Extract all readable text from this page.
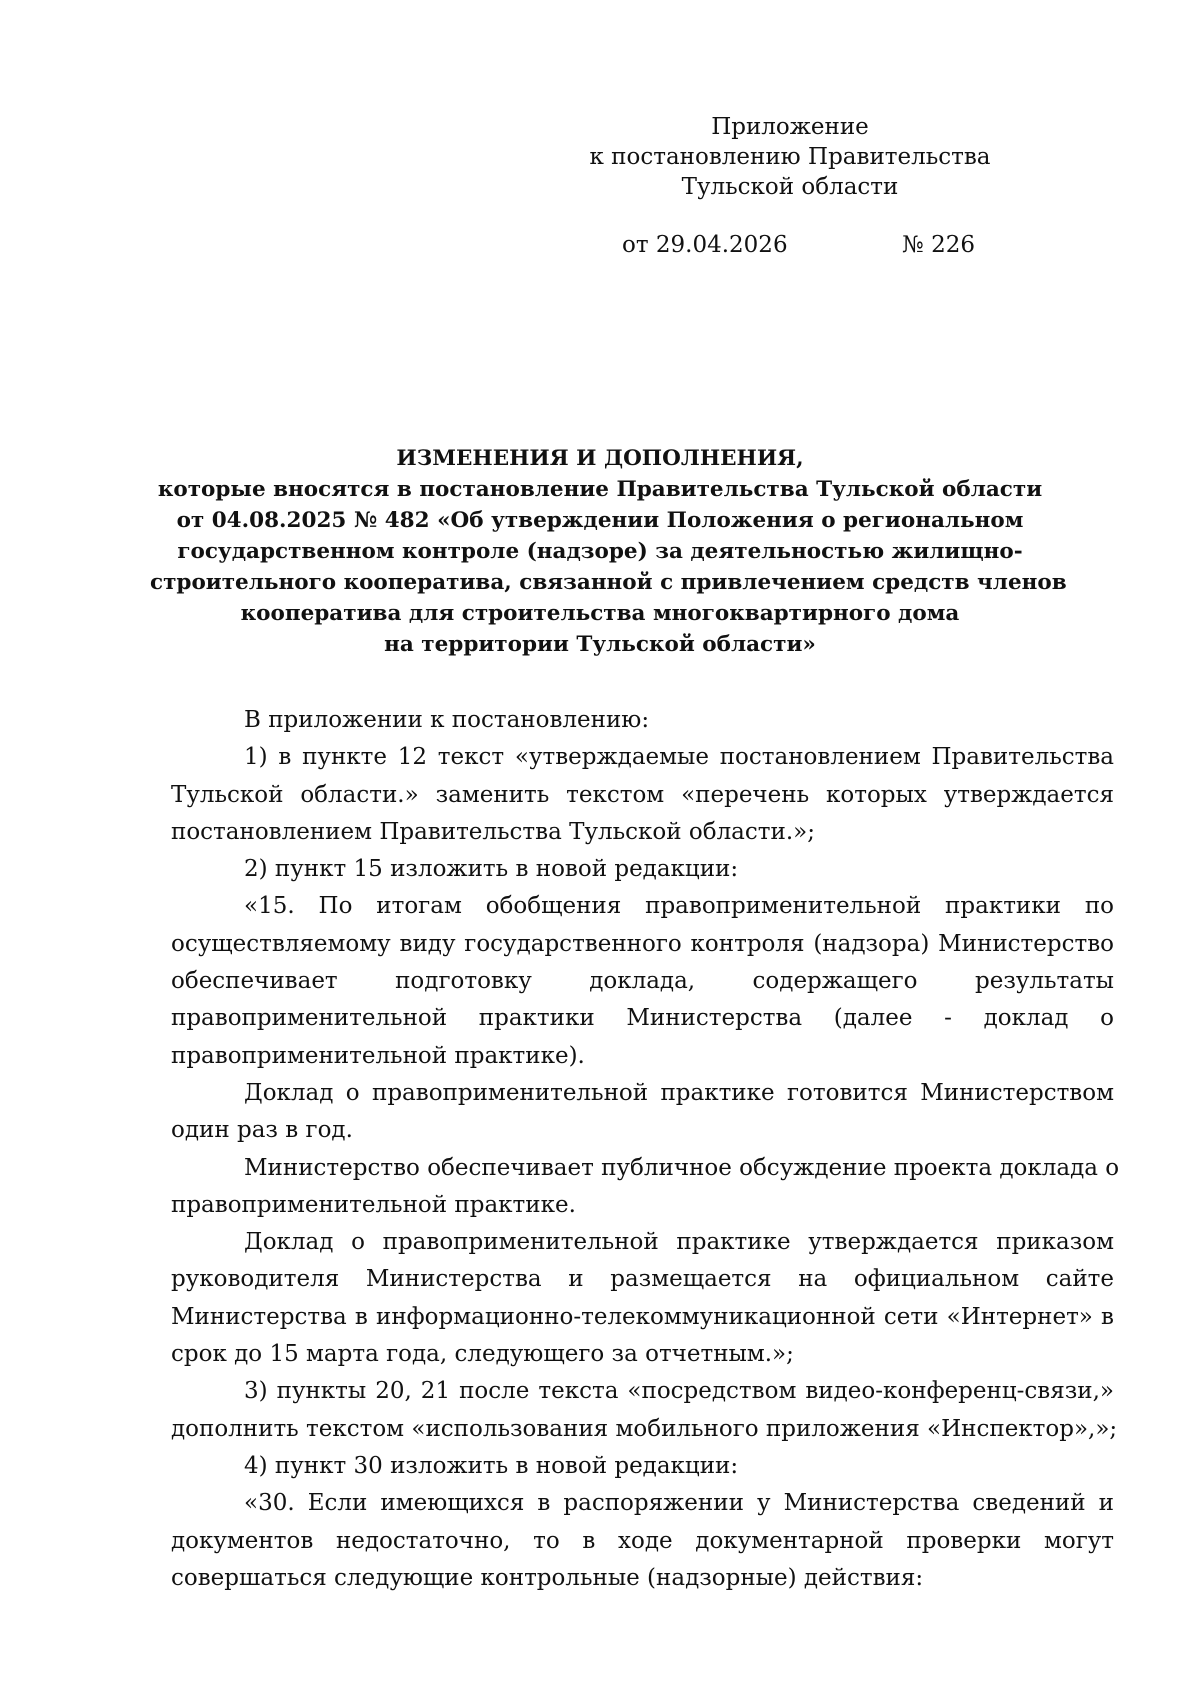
Приложение
к постановлению Правительства
Тульской области
от 29.04.2026	№ 226
ИЗМЕНЕНИЯ И ДОПОЛНЕНИЯ,
которые вносятся в постановление Правительства Тульской области
от 04.08.2025 № 482 «Об утверждении Положения о региональном
государственном контроле (надзоре) за деятельностью жилищно-
строительного кооператива, связанной с привлечением средств членов
кооператива для строительства многоквартирного дома
на территории Тульской области»
В приложении к постановлению:
1) в пункте 12 текст «утверждаемые постановлением Правительства
Тульской области.» заменить текстом «перечень которых утверждается
постановлением Правительства Тульской области.»;
2) пункт 15 изложить в новой редакции:
«15. По итогам обобщения правоприменительной практики по
осуществляемому виду государственного контроля (надзора) Министерство
обеспечивает подготовку доклада, содержащего результаты
правоприменительной практики Министерства (далее - доклад о
правоприменительной практике).
Доклад о правоприменительной практике готовится Министерством
один раз в год.
Министерство обеспечивает публичное обсуждение проекта доклада о
правоприменительной практике.
Доклад о правоприменительной практике утверждается приказом
руководителя Министерства и размещается на официальном сайте
Министерства в информационно-телекоммуникационной сети «Интернет» в
срок до 15 марта года, следующего за отчетным.»;
3) пункты 20, 21 после текста «посредством видео-конференц-связи,»
дополнить текстом «использования мобильного приложения «Инспектор»,»;
4) пункт 30 изложить в новой редакции:
«30. Если имеющихся в распоряжении у Министерства сведений и
документов недостаточно, то в ходе документарной проверки могут
совершаться следующие контрольные (надзорные) действия:
